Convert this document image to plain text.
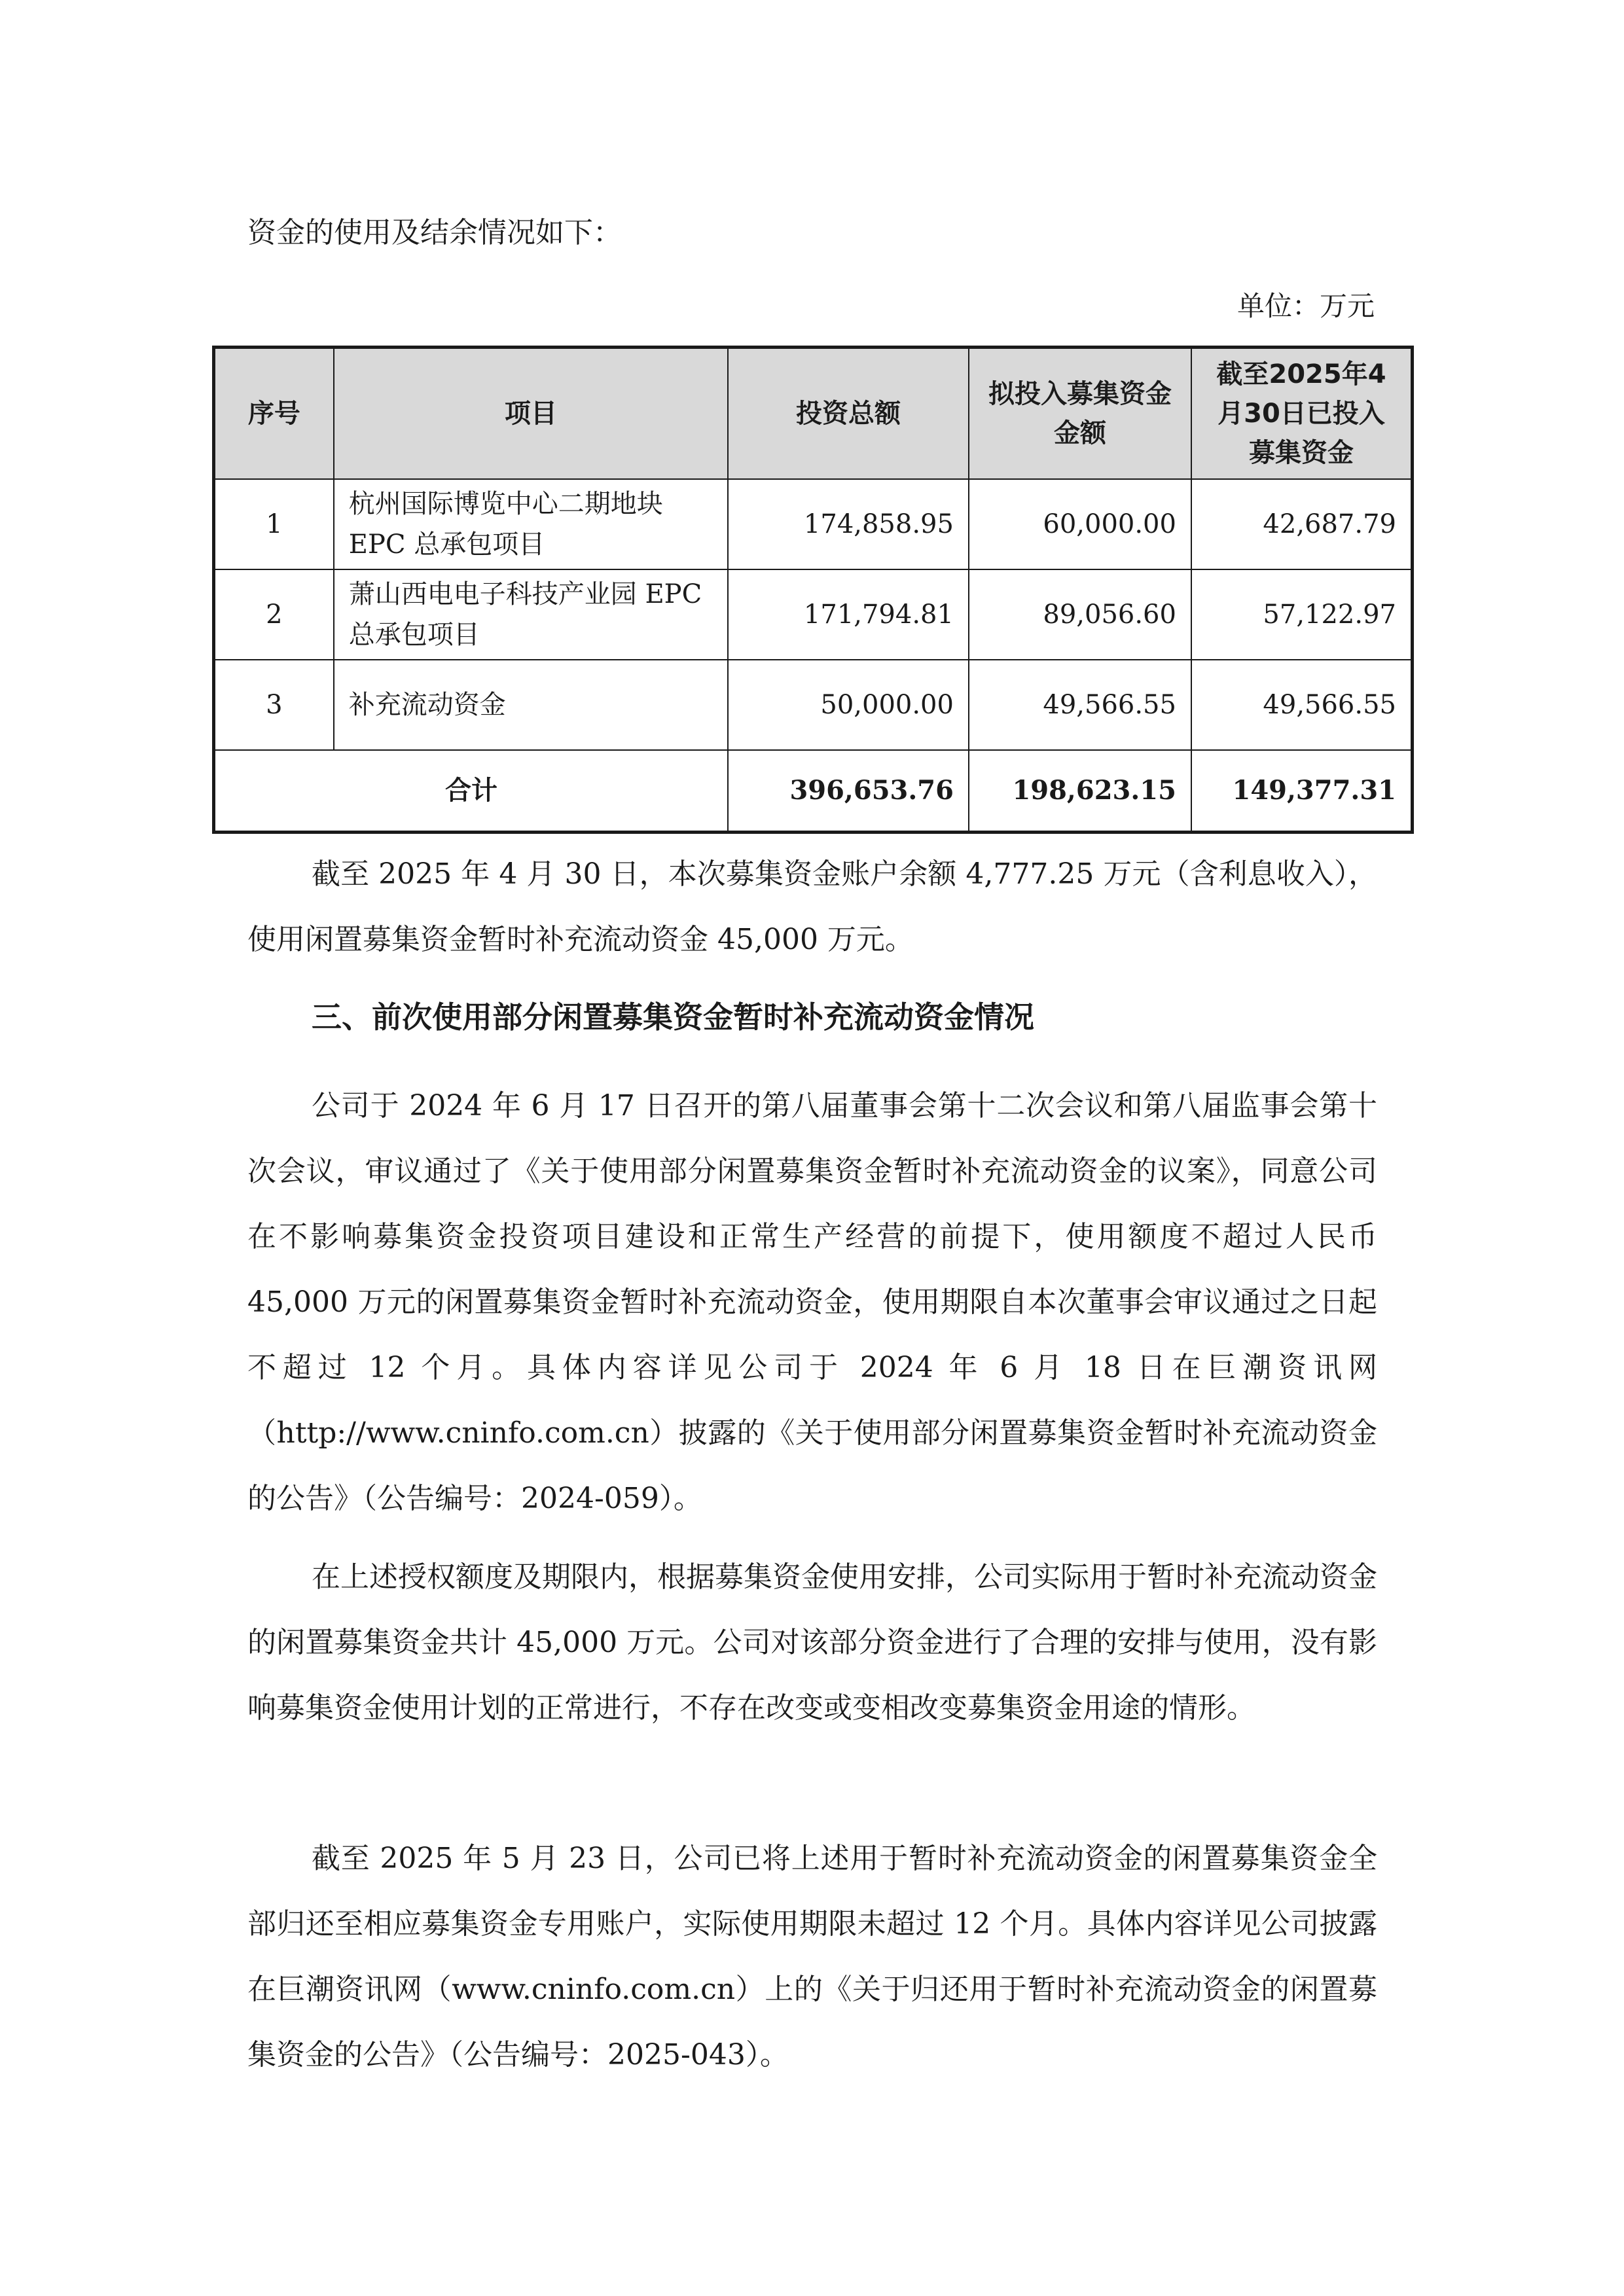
资金的使用及结余情况如下：

单位：万元
序号	项目	投资总额	拟投入募集资金金额	截至2025年4月30日已投入募集资金
1	杭州国际博览中心二期地块 EPC 总承包项目	174,858.95	60,000.00	42,687.79
2	萧山西电电子科技产业园 EPC 总承包项目	171,794.81	89,056.60	57,122.97
3	补充流动资金	50,000.00	49,566.55	49,566.55
合计		396,653.76	198,623.15	149,377.31

截至 2025 年 4 月 30 日，本次募集资金账户余额 4,777.25 万元（含利息收入），使用闲置募集资金暂时补充流动资金 45,000 万元。

三、前次使用部分闲置募集资金暂时补充流动资金情况

公司于 2024 年 6 月 17 日召开的第八届董事会第十二次会议和第八届监事会第十次会议，审议通过了《关于使用部分闲置募集资金暂时补充流动资金的议案》，同意公司在不影响募集资金投资项目建设和正常生产经营的前提下，使用额度不超过人民币 45,000 万元的闲置募集资金暂时补充流动资金，使用期限自本次董事会审议通过之日起不超过 12 个月。具体内容详见公司于 2024 年 6 月 18 日在巨潮资讯网（http://www.cninfo.com.cn）披露的《关于使用部分闲置募集资金暂时补充流动资金的公告》（公告编号：2024-059）。

在上述授权额度及期限内，根据募集资金使用安排，公司实际用于暂时补充流动资金的闲置募集资金共计 45,000 万元。公司对该部分资金进行了合理的安排与使用，没有影响募集资金使用计划的正常进行，不存在改变或变相改变募集资金用途的情形。

截至 2025 年 5 月 23 日，公司已将上述用于暂时补充流动资金的闲置募集资金全部归还至相应募集资金专用账户，实际使用期限未超过 12 个月。具体内容详见公司披露在巨潮资讯网（www.cninfo.com.cn）上的《关于归还用于暂时补充流动资金的闲置募集资金的公告》（公告编号：2025-043）。
